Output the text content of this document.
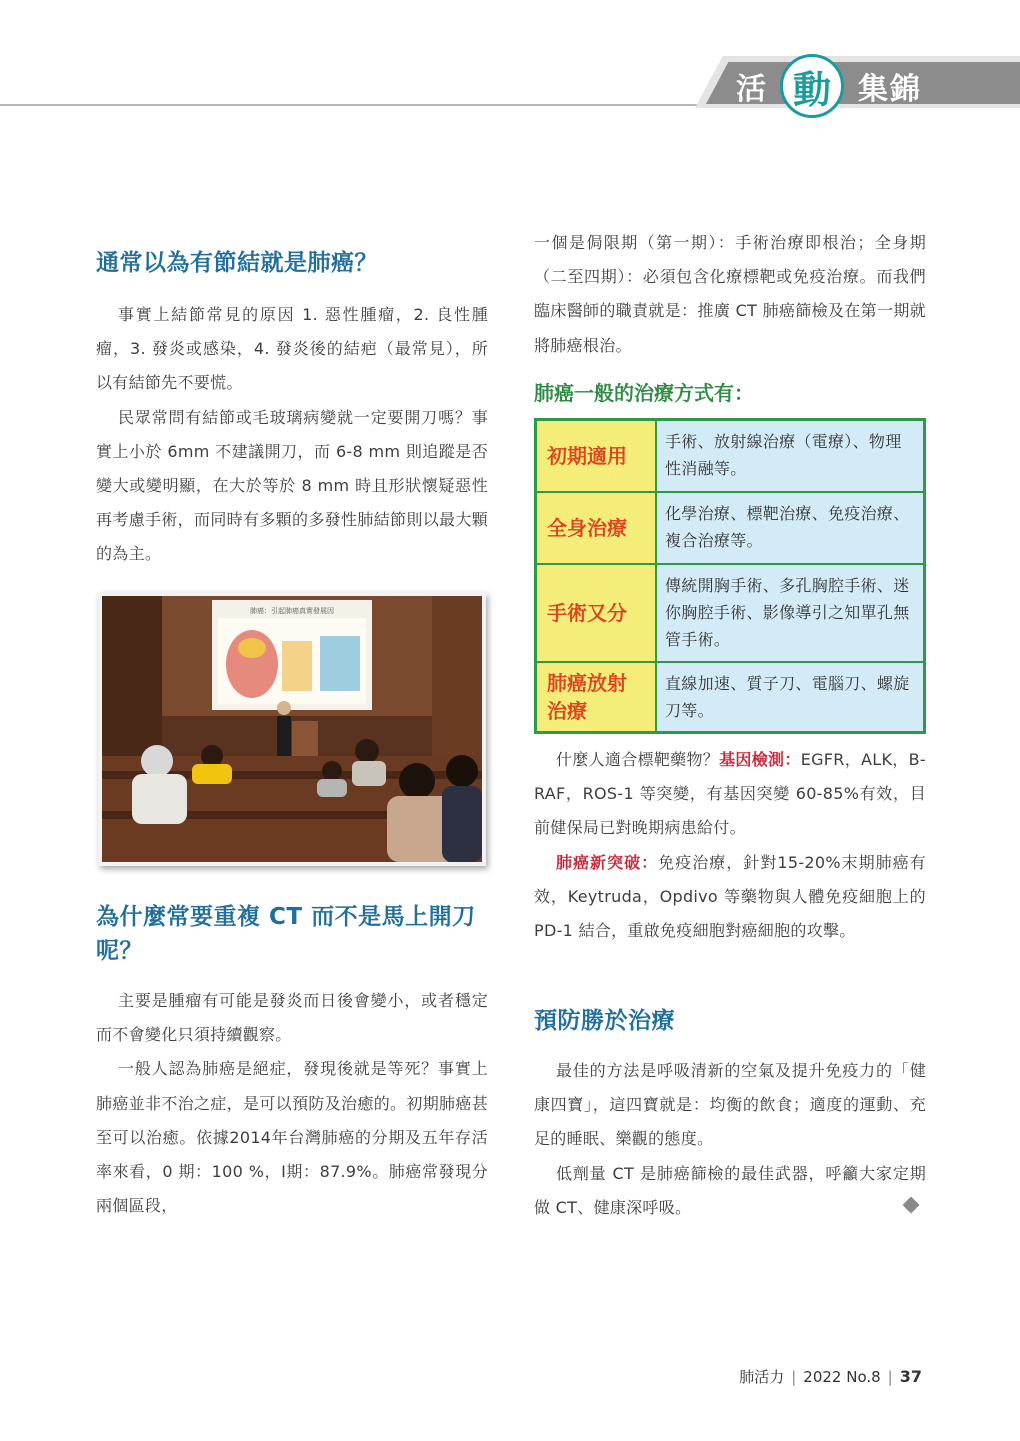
活 動 集錦
通常以為有節結就是肺癌？

事實上結節常見的原因 1. 惡性腫瘤，2. 良性腫瘤，3. 發炎或感染，4. 發炎後的結疤（最常見），所以有結節先不要慌。

民眾常問有結節或毛玻璃病變就一定要開刀嗎？事實上小於 6mm 不建議開刀，而 6-8 mm 則追蹤是否變大或變明顯，在大於等於 8 mm 時且形狀懷疑惡性再考慮手術，而同時有多顆的多發性肺結節則以最大顆的為主。

肺癌：引起肺癌真實發展因
為什麼常要重複 CT 而不是馬上開刀呢？

主要是腫瘤有可能是發炎而日後會變小，或者穩定而不會變化只須持續觀察。

一般人認為肺癌是絕症，發現後就是等死？事實上肺癌並非不治之症，是可以預防及治癒的。初期肺癌甚至可以治癒。依據2014年台灣肺癌的分期及五年存活率來看，0 期：100 %，Ⅰ期：87.9%。肺癌常發現分兩個區段，

一個是侷限期（第一期）：手術治療即根治；全身期（二至四期）：必須包含化療標靶或免疫治療。而我們臨床醫師的職責就是：推廣 CT 肺癌篩檢及在第一期就將肺癌根治。

肺癌一般的治療方式有：
初期適用
手術、放射線治療（電療）、物理性消融等。
全身治療
化學治療、標靶治療、免疫治療、複合治療等。
手術又分
傳統開胸手術、多孔胸腔手術、迷你胸腔手術、影像導引之知單孔無管手術。
肺癌放射治療
直線加速、質子刀、電腦刀、螺旋刀等。

什麼人適合標靶藥物？基因檢測：EGFR，ALK，B-RAF，ROS-1 等突變，有基因突變 60-85%有效，目前健保局已對晚期病患給付。

肺癌新突破：免疫治療，針對15-20%末期肺癌有效，Keytruda，Opdivo 等藥物與人體免疫細胞上的 PD-1 結合，重啟免疫細胞對癌細胞的攻擊。

預防勝於治療

最佳的方法是呼吸清新的空氣及提升免疫力的「健康四寶」，這四寶就是：均衡的飲食；適度的運動、充足的睡眠、樂觀的態度。

低劑量 CT 是肺癌篩檢的最佳武器，呼籲大家定期做 CT、健康深呼吸。

肺活力 | 2022 No.8 | 37
